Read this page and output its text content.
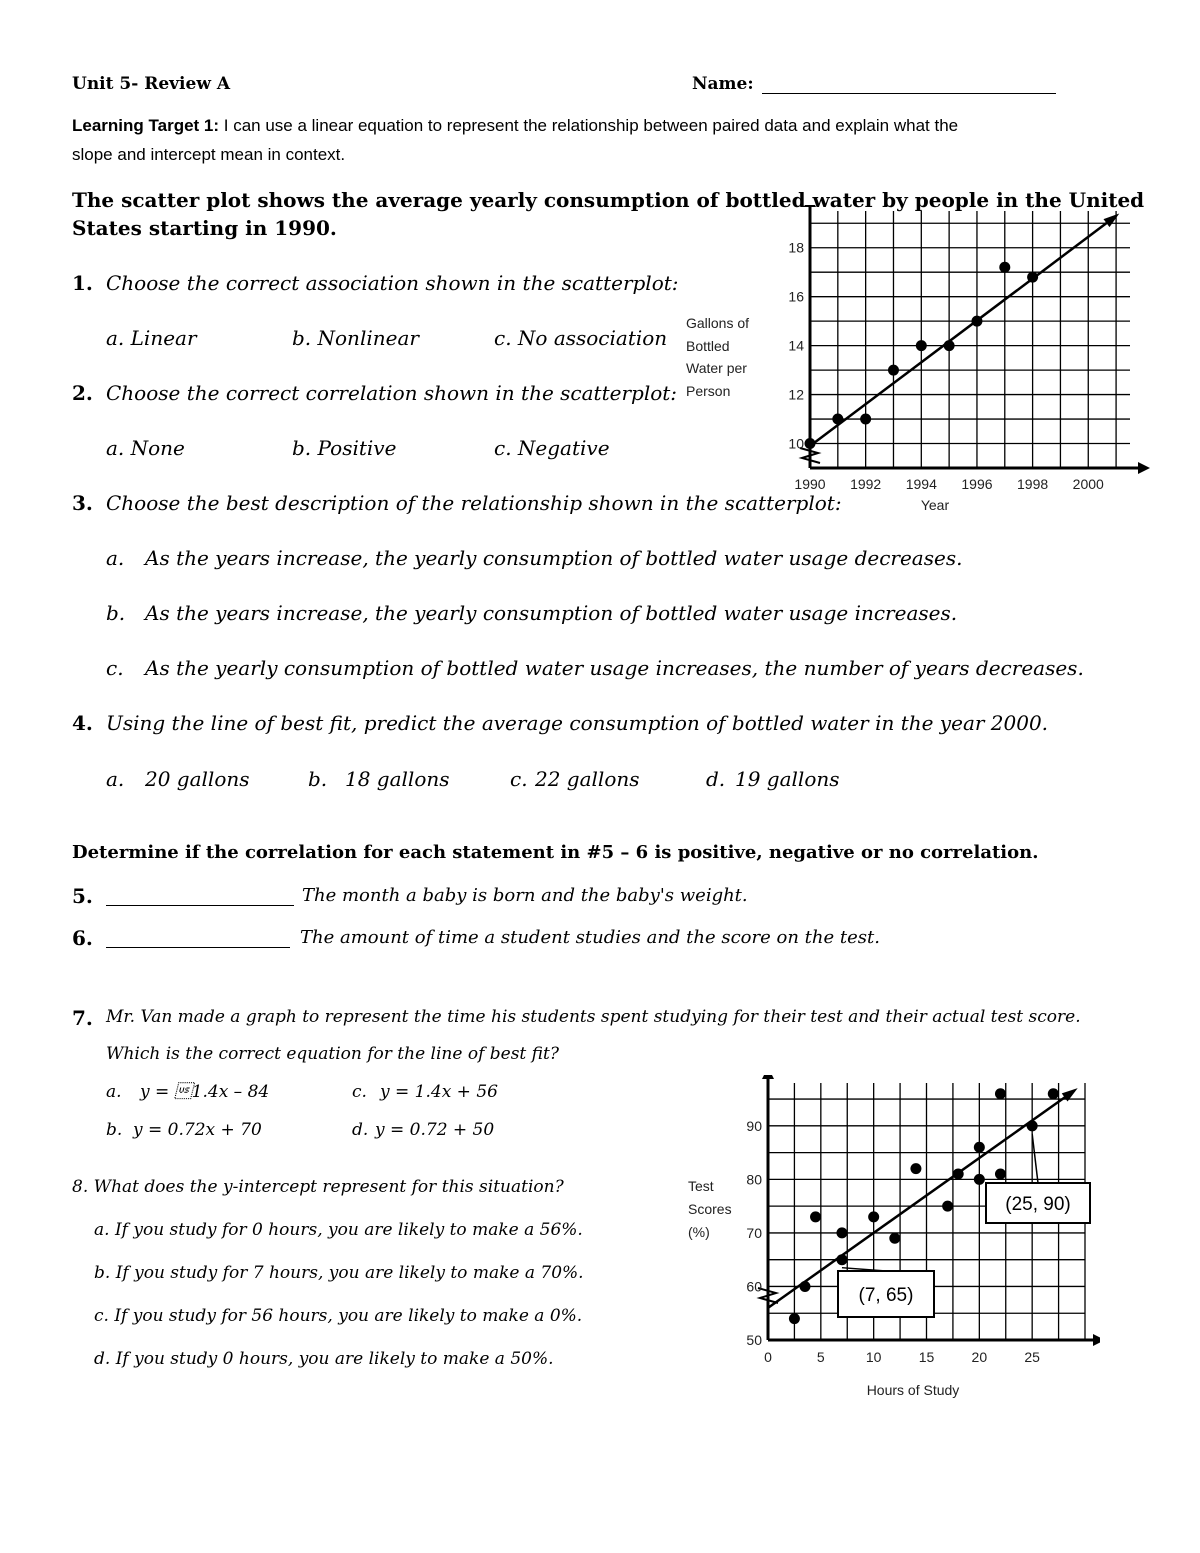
Unit 5- Review A	Name:
Learning Target 1: I can use a linear equation to represent the relationship between paired data and explain what the
slope and intercept mean in context.
The scatter plot shows the average yearly consumption of bottled water by people in the United
States starting in 1990.
1. Choose the correct association shown in the scatterplot:
a. Linear	b. Nonlinear	c. No association
2. Choose the correct correlation shown in the scatterplot:
a. None	b. Positive	c. Negative
3. Choose the best description of the relationship shown in the scatterplot:
a. As the years increase, the yearly consumption of bottled water usage decreases.
b. As the years increase, the yearly consumption of bottled water usage increases.
c. As the yearly consumption of bottled water usage increases, the number of years decreases.
4. Using the line of best fit, predict the average consumption of bottled water in the year 2000.
a. 20 gallons	b. 18 gallons	c. 22 gallons	d. 19 gallons
Determine if the correlation for each statement in #5 – 6 is positive, negative or no correlation.
5.	The month a baby is born and the baby's weight.
6.	The amount of time a student studies and the score on the test.
7. Mr. Van made a graph to represent the time his students spent studying for their test and their actual test score.
Which is the correct equation for the line of best fit?
a. y = 1.4x – 84	c. y = 1.4x + 56
b. y = 0.72x + 70	d. y = 0.72 + 50
8. What does the y-intercept represent for this situation?
a. If you study for 0 hours, you are likely to make a 56%.
b. If you study for 7 hours, you are likely to make a 70%.
c. If you study for 56 hours, you are likely to make a 0%.
d. If you study 0 hours, you are likely to make a 50%.
1990 1992 1994 1996 1998 2000
10
12
14
16
18
Year
Gallons of
Bottled
Water per
Person
0	5	10	15	20	25
50
60
70
80
90
(7, 65)
(25, 90)
Hours of Study
Test
Scores
(%)
